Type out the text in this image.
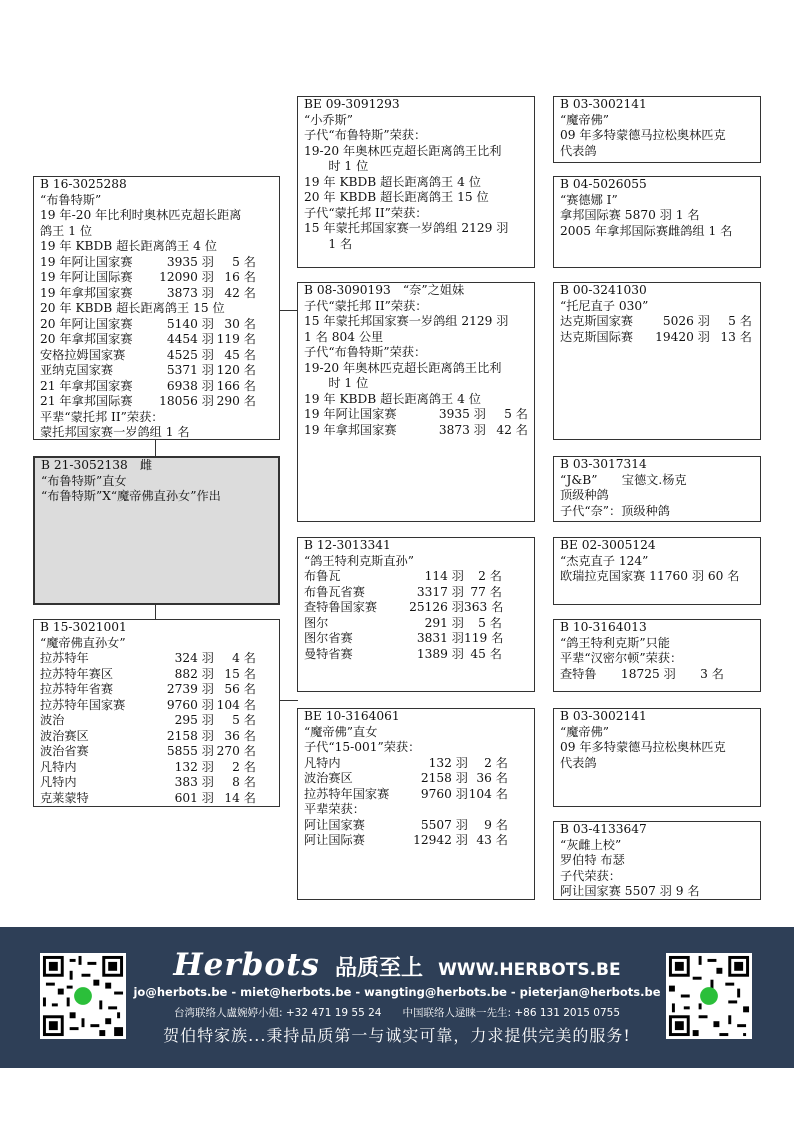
B 16-3025288
“布鲁特斯”
19 年-20 年比利时奥林匹克超长距离
鸽王 1 位
19 年 KBDB 超长距离鸽王 4 位
19 年阿让国家赛	3935 羽	5 名
19 年阿让国际赛	12090 羽 16 名
19 年拿邦国家赛	3873 羽 42 名
20 年 KBDB 超长距离鸽王 15 位
20 年阿让国家赛	5140 羽 30 名
20 年拿邦国家赛	4454 羽 119 名
安格拉姆国家赛	4525 羽 45 名
亚纳克国家赛	5371 羽 120 名
21 年拿邦国家赛	6938 羽 166 名
21 年拿邦国际赛	18056 羽 290 名
平辈“蒙托邦 II”荣获：
蒙托邦国家赛一岁鸽组 1 名
B 21-3052138　雌
“布鲁特斯”直女
“布鲁特斯”X“魔帝佛直孙女”作出
B 15-3021001
“魔帝佛直孙女”
拉苏特年	324 羽	4 名
拉苏特年赛区	882 羽 15 名
拉苏特年省赛	2739 羽 56 名
拉苏特年国家赛	9760 羽 104 名
波治	295 羽	5 名
波治赛区	2158 羽 36 名
波治省赛	5855 羽 270 名
凡特内	132 羽	2 名
凡特内	383 羽	8 名
克莱蒙特	601 羽 14 名
BE 09-3091293
“小乔斯”
子代“布鲁特斯”荣获：
19-20 年奥林匹克超长距离鸽王比利
　　时 1 位
19 年 KBDB 超长距离鸽王 4 位
20 年 KBDB 超长距离鸽王 15 位
子代“蒙托邦 II”荣获：
15 年蒙托邦国家赛一岁鸽组 2129 羽
　　1 名
B 08-3090193　“奈”之姐妹
子代“蒙托邦 II”荣获：
15 年蒙托邦国家赛一岁鸽组 2129 羽
1 名 804 公里
子代“布鲁特斯”荣获：
19-20 年奥林匹克超长距离鸽王比利
　　时 1 位
19 年 KBDB 超长距离鸽王 4 位
19 年阿让国家赛	3935 羽	5 名
19 年拿邦国家赛	3873 羽 42 名
B 12-3013341
“鸽王特利克斯直孙”
布鲁瓦	114 羽	2 名
布鲁瓦省赛	3317 羽 77 名
查特鲁国家赛	25126 羽 363 名
图尔	291 羽	5 名
图尔省赛	3831 羽 119 名
曼特省赛	1389 羽 45 名
BE 10-3164061
“魔帝佛”直女
子代“15-001”荣获：
凡特内	132 羽	2 名
波治赛区	2158 羽 36 名
拉苏特年国家赛	9760 羽 104 名
平辈荣获：
阿让国家赛	5507 羽	9 名
阿让国际赛	12942 羽 43 名
B 03-3002141
“魔帝佛”
09 年多特蒙德马拉松奥林匹克
代表鸽
B 04-5026055
“赛德娜 I”
拿邦国际赛 5870 羽 1 名
2005 年拿邦国际赛雌鸽组 1 名
B 00-3241030
“托尼直子 030”
达克斯国家赛	5026 羽	5 名
达克斯国际赛	19420 羽 13 名
B 03-3017314
“J&B”　　宝德文.杨克
顶级种鸽
子代“奈”：顶级种鸽
BE 02-3005124
“杰克直子 124”
欧瑞拉克国家赛 11760 羽 60 名
B 10-3164013
“鸽王特利克斯”只能
平辈“汉密尔顿”荣获：
查特鲁　　18725 羽　　3 名
B 03-3002141
“魔帝佛”
09 年多特蒙德马拉松奥林匹克
代表鸽
B 03-4133647
“灰雌上校”
罗伯特 布瑟
子代荣获：
阿让国家赛 5507 羽 9 名
Herbots 品质至上 WWW.HERBOTS.BE
jo@herbots.be - miet@herbots.be - wangting@herbots.be - pieterjan@herbots.be
台湾联络人盧婉婷小姐: +32 471 19 55 24　　中国联络人逯睐一先生: +86 131 2015 0755
贺伯特家族...秉持品质第一与诚实可靠，力求提供完美的服务!
